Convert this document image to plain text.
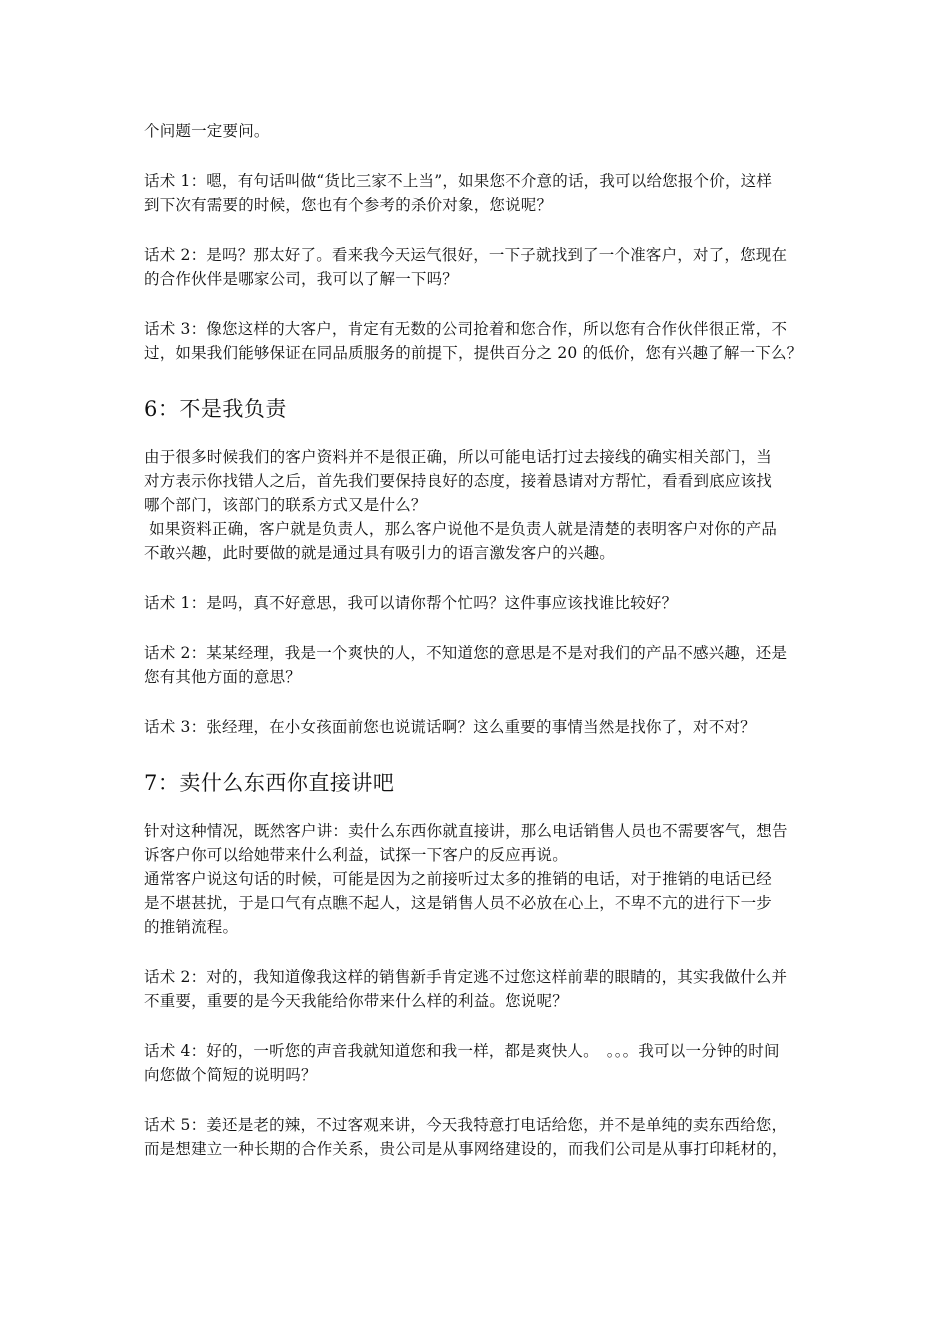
个问题一定要问。

话术 1：嗯，有句话叫做“货比三家不上当”，如果您不介意的话，我可以给您报个价，这样
到下次有需要的时候，您也有个参考的杀价对象，您说呢？

话术 2：是吗？那太好了。看来我今天运气很好，一下子就找到了一个准客户，对了，您现在
的合作伙伴是哪家公司，我可以了解一下吗？

话术 3：像您这样的大客户，肯定有无数的公司抢着和您合作，所以您有合作伙伴很正常，不
过，如果我们能够保证在同品质服务的前提下，提供百分之 20 的低价，您有兴趣了解一下么？

6：不是我负责

由于很多时候我们的客户资料并不是很正确，所以可能电话打过去接线的确实相关部门，当
对方表示你找错人之后，首先我们要保持良好的态度，接着恳请对方帮忙，看看到底应该找
哪个部门，该部门的联系方式又是什么？
如果资料正确，客户就是负责人，那么客户说他不是负责人就是清楚的表明客户对你的产品
不敢兴趣，此时要做的就是通过具有吸引力的语言激发客户的兴趣。

话术 1：是吗，真不好意思，我可以请你帮个忙吗？这件事应该找谁比较好？

话术 2：某某经理，我是一个爽快的人，不知道您的意思是不是对我们的产品不感兴趣，还是
您有其他方面的意思？

话术 3：张经理，在小女孩面前您也说谎话啊？这么重要的事情当然是找你了，对不对？

7：卖什么东西你直接讲吧

针对这种情况，既然客户讲：卖什么东西你就直接讲，那么电话销售人员也不需要客气，想告
诉客户你可以给她带来什么利益，试探一下客户的反应再说。
通常客户说这句话的时候，可能是因为之前接听过太多的推销的电话，对于推销的电话已经
是不堪甚扰，于是口气有点瞧不起人，这是销售人员不必放在心上，不卑不亢的进行下一步
的推销流程。

话术 2：对的，我知道像我这样的销售新手肯定逃不过您这样前辈的眼睛的，其实我做什么并
不重要，重要的是今天我能给你带来什么样的利益。您说呢？

话术 4：好的，一听您的声音我就知道您和我一样，都是爽快人。　。。。我可以一分钟的时间
向您做个简短的说明吗？

话术 5：姜还是老的辣，不过客观来讲，今天我特意打电话给您，并不是单纯的卖东西给您，
而是想建立一种长期的合作关系，贵公司是从事网络建设的，而我们公司是从事打印耗材的，
